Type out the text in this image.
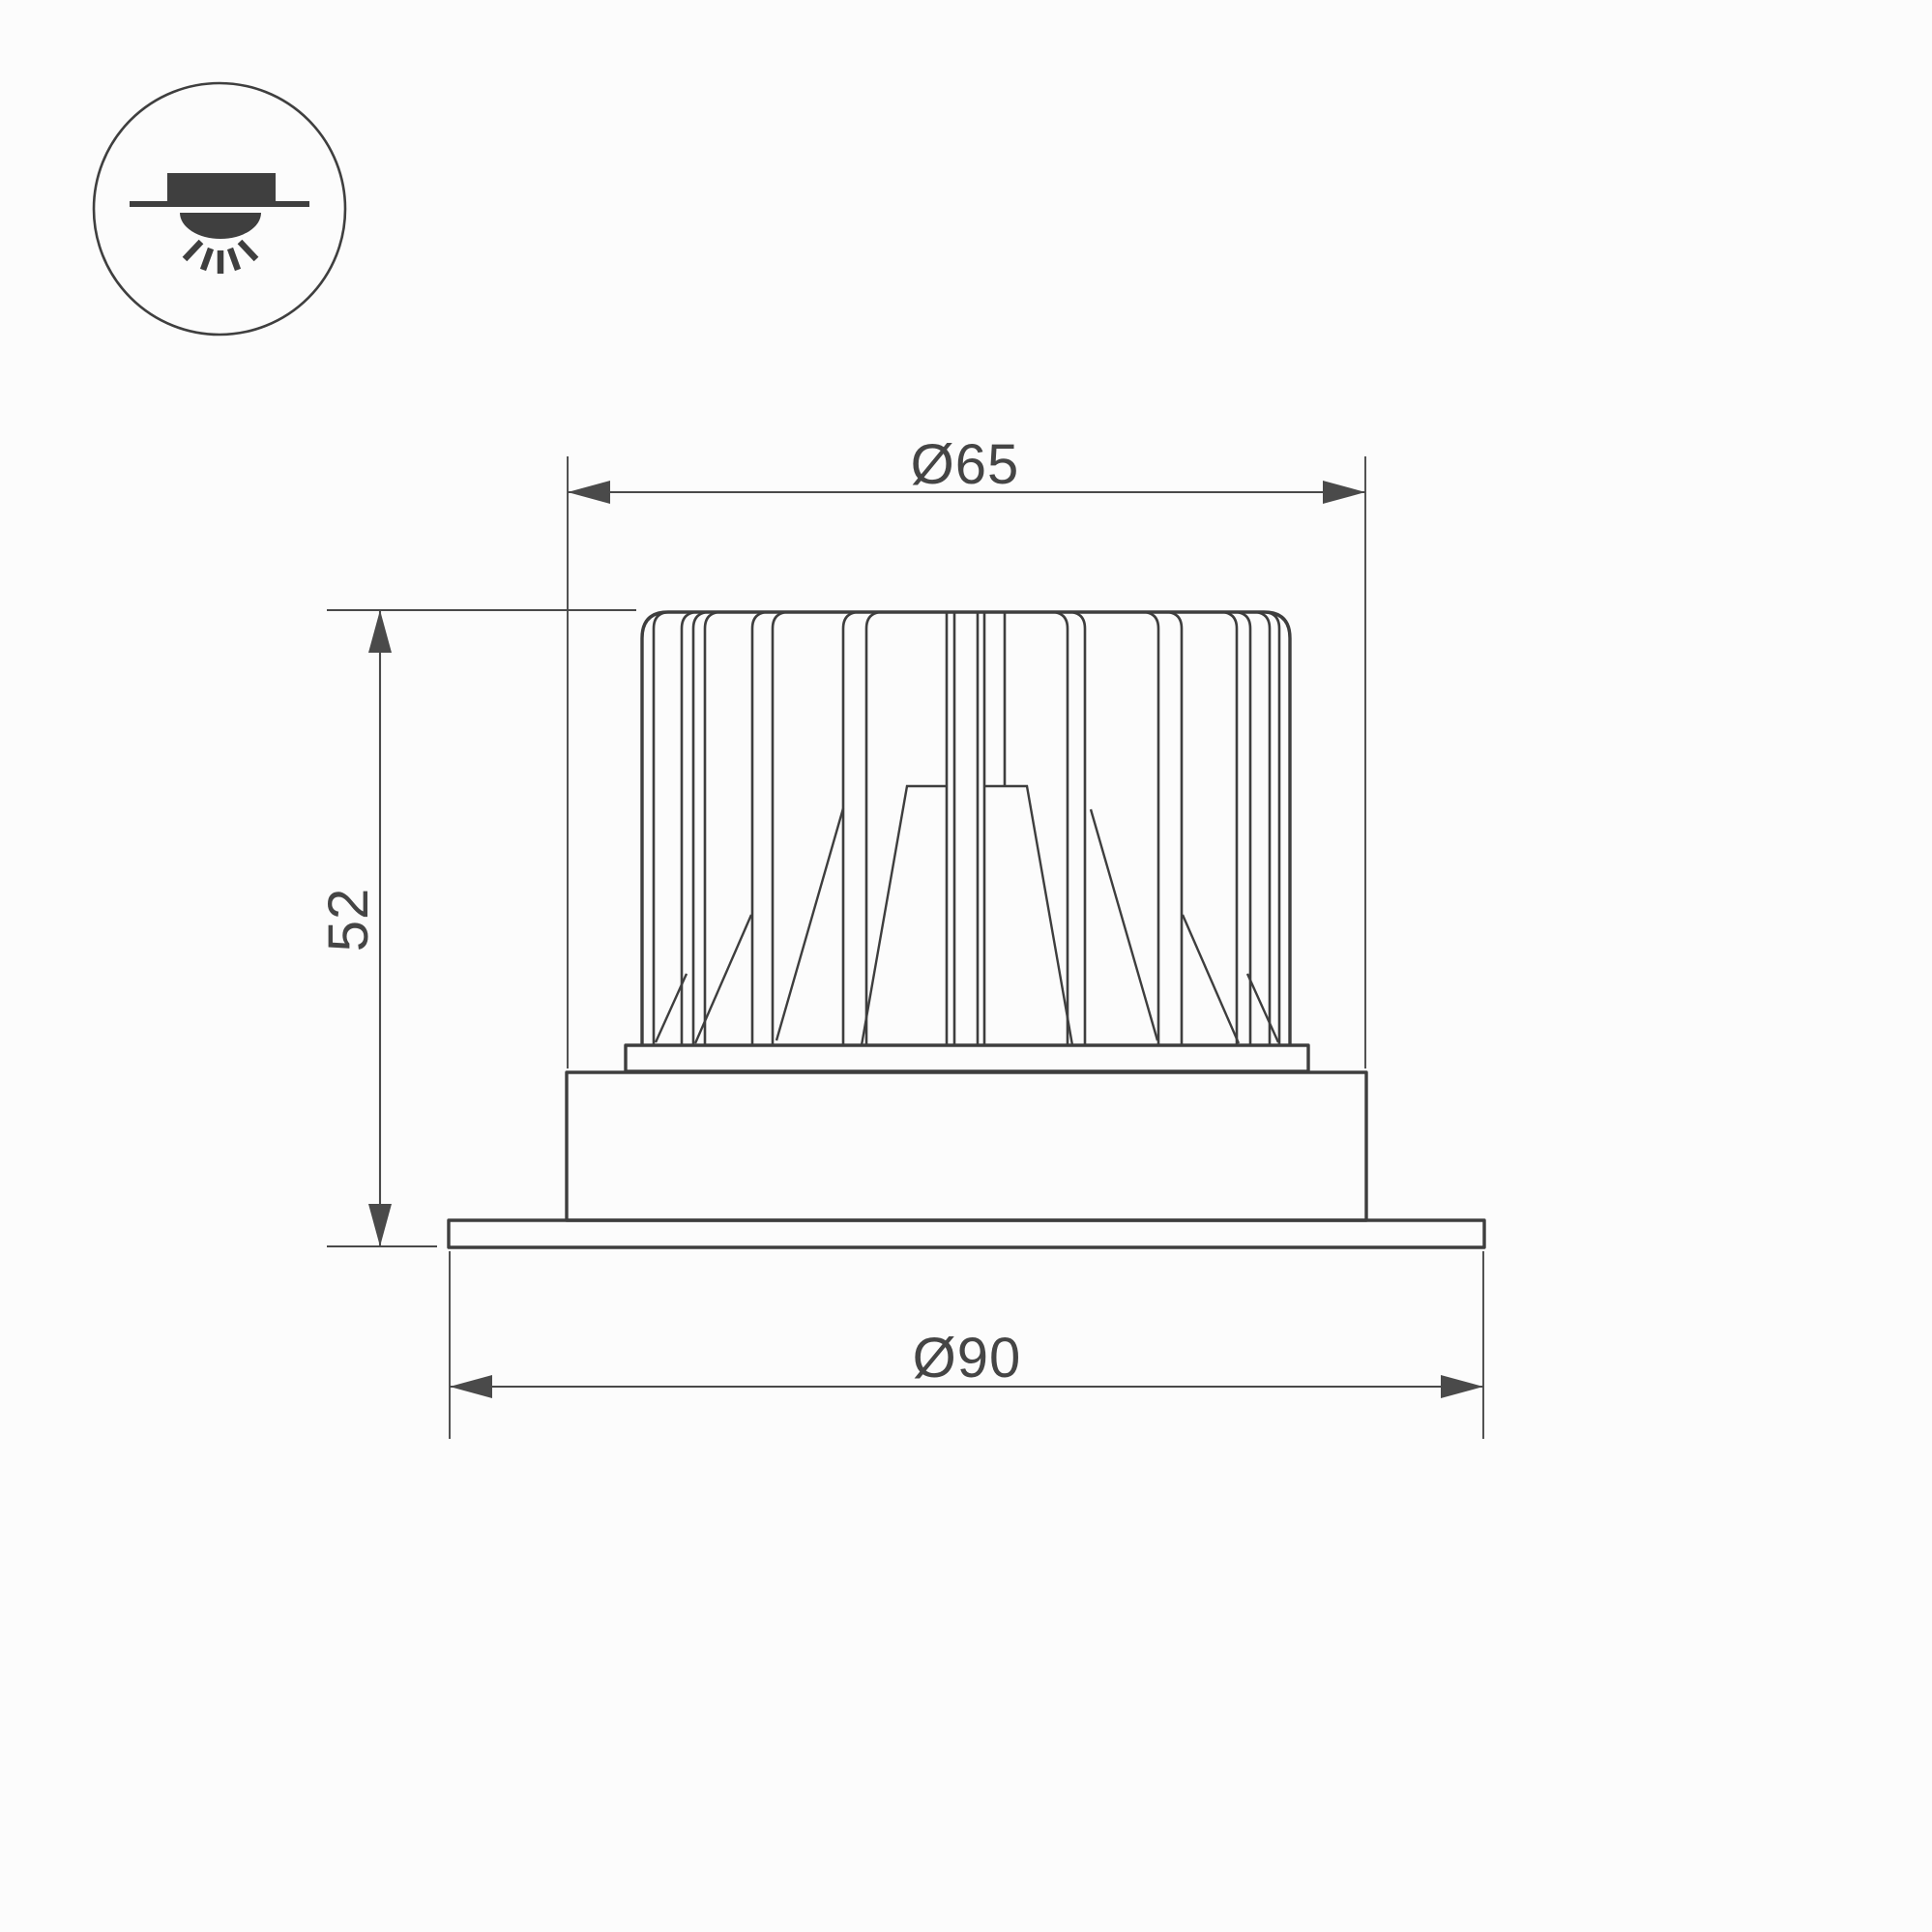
Ø65
52
Ø90
